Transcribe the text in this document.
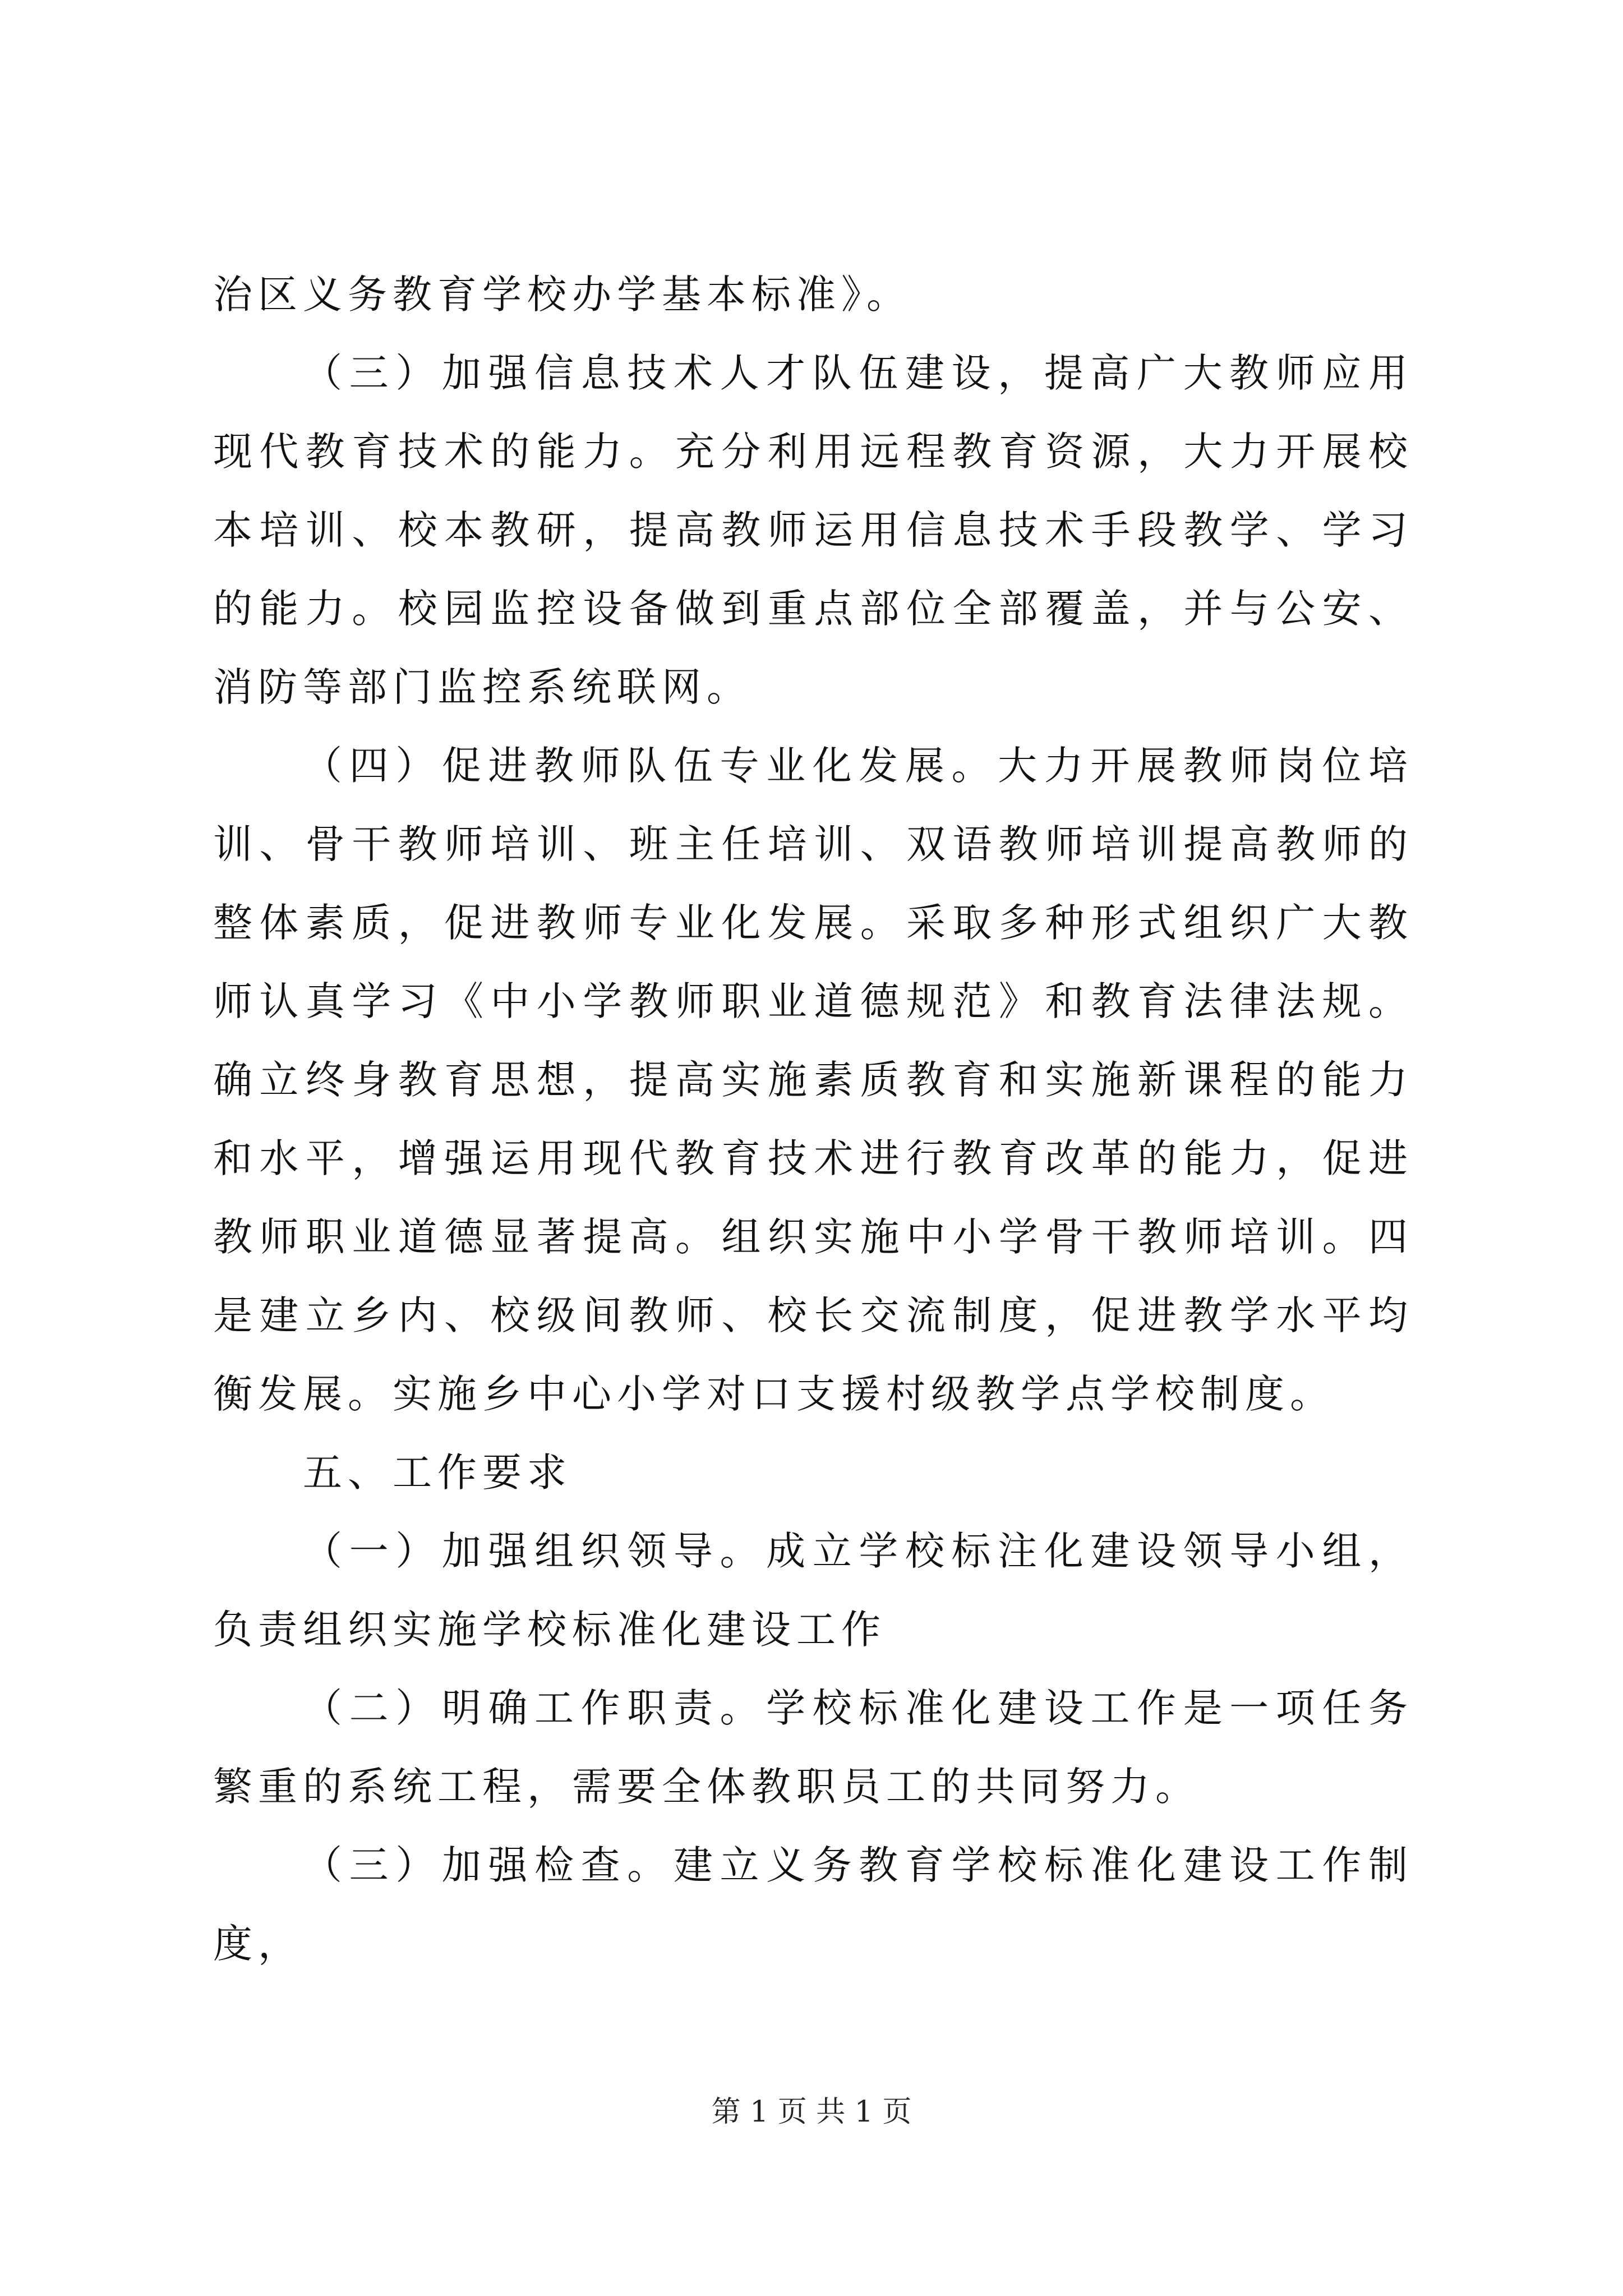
治区义务教育学校办学基本标准》。

（三）加强信息技术人才队伍建设，提高广大教师应用现代教育技术的能力。充分利用远程教育资源，大力开展校本培训、校本教研，提高教师运用信息技术手段教学、学习的能力。校园监控设备做到重点部位全部覆盖，并与公安、消防等部门监控系统联网。

（四）促进教师队伍专业化发展。大力开展教师岗位培训、骨干教师培训、班主任培训、双语教师培训提高教师的整体素质，促进教师专业化发展。采取多种形式组织广大教师认真学习《中小学教师职业道德规范》和教育法律法规。确立终身教育思想，提高实施素质教育和实施新课程的能力和水平，增强运用现代教育技术进行教育改革的能力，促进教师职业道德显著提高。组织实施中小学骨干教师培训。四是建立乡内、校级间教师、校长交流制度，促进教学水平均衡发展。实施乡中心小学对口支援村级教学点学校制度。

五、工作要求

（一）加强组织领导。成立学校标注化建设领导小组，负责组织实施学校标准化建设工作

（二）明确工作职责。学校标准化建设工作是一项任务繁重的系统工程，需要全体教职员工的共同努力。

（三）加强检查。建立义务教育学校标准化建设工作制度，

第 1 页 共 1 页
